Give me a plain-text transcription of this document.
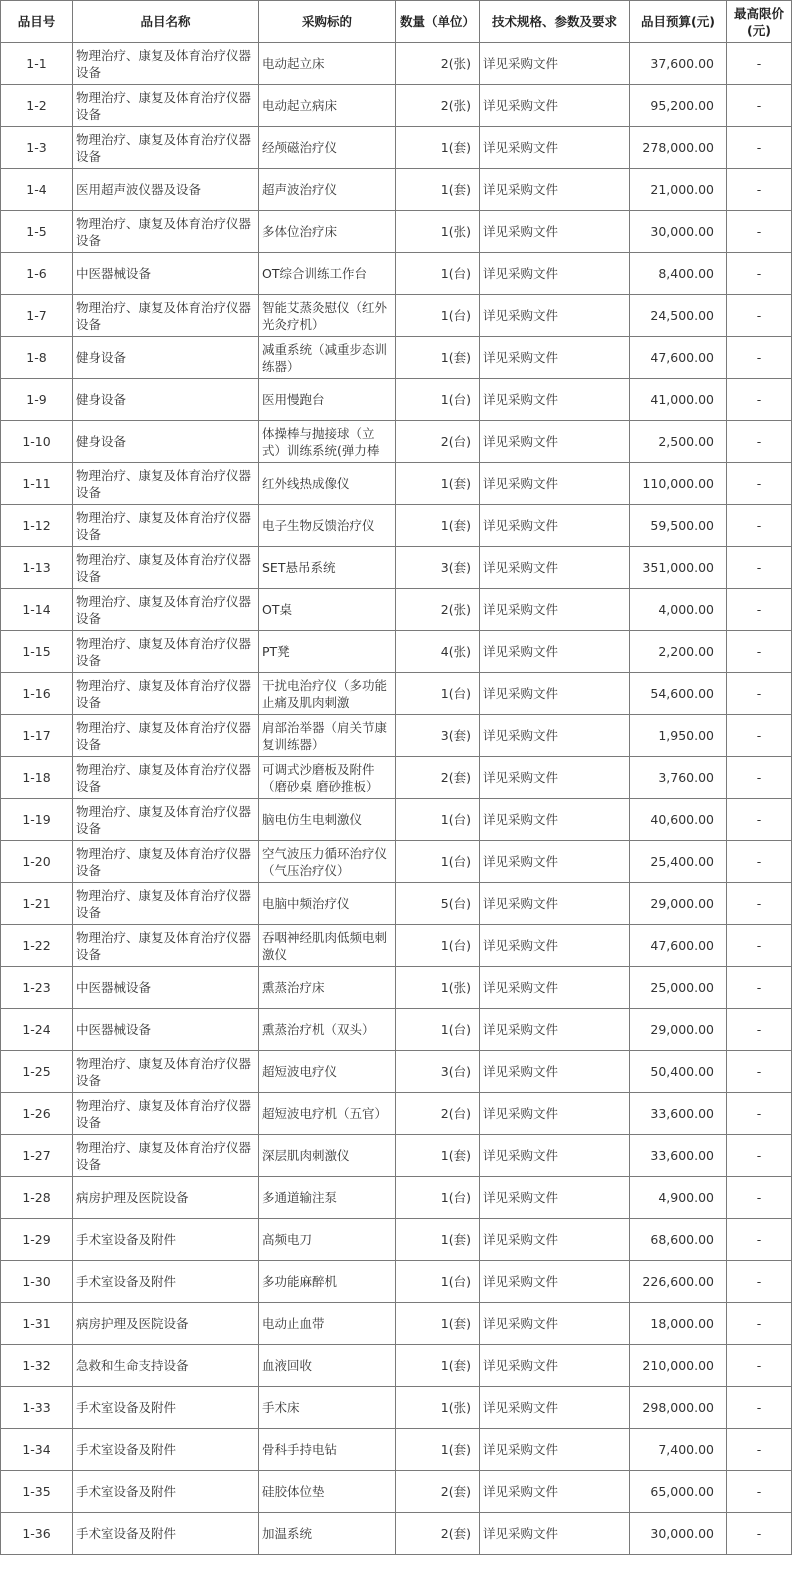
品目号	品目名称	采购标的	数量（单位）	技术规格、参数及要求	品目预算(元)	最高限价(元)
1-1	物理治疗、康复及体育治疗仪器设备	电动起立床	2(张)	详见采购文件	37,600.00	-
1-2	物理治疗、康复及体育治疗仪器设备	电动起立病床	2(张)	详见采购文件	95,200.00	-
1-3	物理治疗、康复及体育治疗仪器设备	经颅磁治疗仪	1(套)	详见采购文件	278,000.00	-
1-4	医用超声波仪器及设备	超声波治疗仪	1(套)	详见采购文件	21,000.00	-
1-5	物理治疗、康复及体育治疗仪器设备	多体位治疗床	1(张)	详见采购文件	30,000.00	-
1-6	中医器械设备	OT综合训练工作台	1(台)	详见采购文件	8,400.00	-
1-7	物理治疗、康复及体育治疗仪器设备	智能艾蒸灸慰仪（红外光灸疗机）	1(台)	详见采购文件	24,500.00	-
1-8	健身设备	减重系统（减重步态训练器）	1(套)	详见采购文件	47,600.00	-
1-9	健身设备	医用慢跑台	1(台)	详见采购文件	41,000.00	-
1-10	健身设备	体操棒与抛接球（立式）训练系统(弹力棒	2(台)	详见采购文件	2,500.00	-
1-11	物理治疗、康复及体育治疗仪器设备	红外线热成像仪	1(套)	详见采购文件	110,000.00	-
1-12	物理治疗、康复及体育治疗仪器设备	电子生物反馈治疗仪	1(套)	详见采购文件	59,500.00	-
1-13	物理治疗、康复及体育治疗仪器设备	SET悬吊系统	3(套)	详见采购文件	351,000.00	-
1-14	物理治疗、康复及体育治疗仪器设备	OT桌	2(张)	详见采购文件	4,000.00	-
1-15	物理治疗、康复及体育治疗仪器设备	PT凳	4(张)	详见采购文件	2,200.00	-
1-16	物理治疗、康复及体育治疗仪器设备	干扰电治疗仪（多功能止痛及肌肉刺激	1(台)	详见采购文件	54,600.00	-
1-17	物理治疗、康复及体育治疗仪器设备	肩部治举器（肩关节康复训练器）	3(套)	详见采购文件	1,950.00	-
1-18	物理治疗、康复及体育治疗仪器设备	可调式沙磨板及附件（磨砂桌 磨砂推板）	2(套)	详见采购文件	3,760.00	-
1-19	物理治疗、康复及体育治疗仪器设备	脑电仿生电刺激仪	1(台)	详见采购文件	40,600.00	-
1-20	物理治疗、康复及体育治疗仪器设备	空气波压力循环治疗仪（气压治疗仪）	1(台)	详见采购文件	25,400.00	-
1-21	物理治疗、康复及体育治疗仪器设备	电脑中频治疗仪	5(台)	详见采购文件	29,000.00	-
1-22	物理治疗、康复及体育治疗仪器设备	吞咽神经肌肉低频电刺激仪	1(台)	详见采购文件	47,600.00	-
1-23	中医器械设备	熏蒸治疗床	1(张)	详见采购文件	25,000.00	-
1-24	中医器械设备	熏蒸治疗机（双头）	1(台)	详见采购文件	29,000.00	-
1-25	物理治疗、康复及体育治疗仪器设备	超短波电疗仪	3(台)	详见采购文件	50,400.00	-
1-26	物理治疗、康复及体育治疗仪器设备	超短波电疗机（五官）	2(台)	详见采购文件	33,600.00	-
1-27	物理治疗、康复及体育治疗仪器设备	深层肌肉刺激仪	1(套)	详见采购文件	33,600.00	-
1-28	病房护理及医院设备	多通道输注泵	1(台)	详见采购文件	4,900.00	-
1-29	手术室设备及附件	高频电刀	1(套)	详见采购文件	68,600.00	-
1-30	手术室设备及附件	多功能麻醉机	1(台)	详见采购文件	226,600.00	-
1-31	病房护理及医院设备	电动止血带	1(套)	详见采购文件	18,000.00	-
1-32	急救和生命支持设备	血液回收	1(套)	详见采购文件	210,000.00	-
1-33	手术室设备及附件	手术床	1(张)	详见采购文件	298,000.00	-
1-34	手术室设备及附件	骨科手持电钻	1(套)	详见采购文件	7,400.00	-
1-35	手术室设备及附件	硅胶体位垫	2(套)	详见采购文件	65,000.00	-
1-36	手术室设备及附件	加温系统	2(套)	详见采购文件	30,000.00	-
